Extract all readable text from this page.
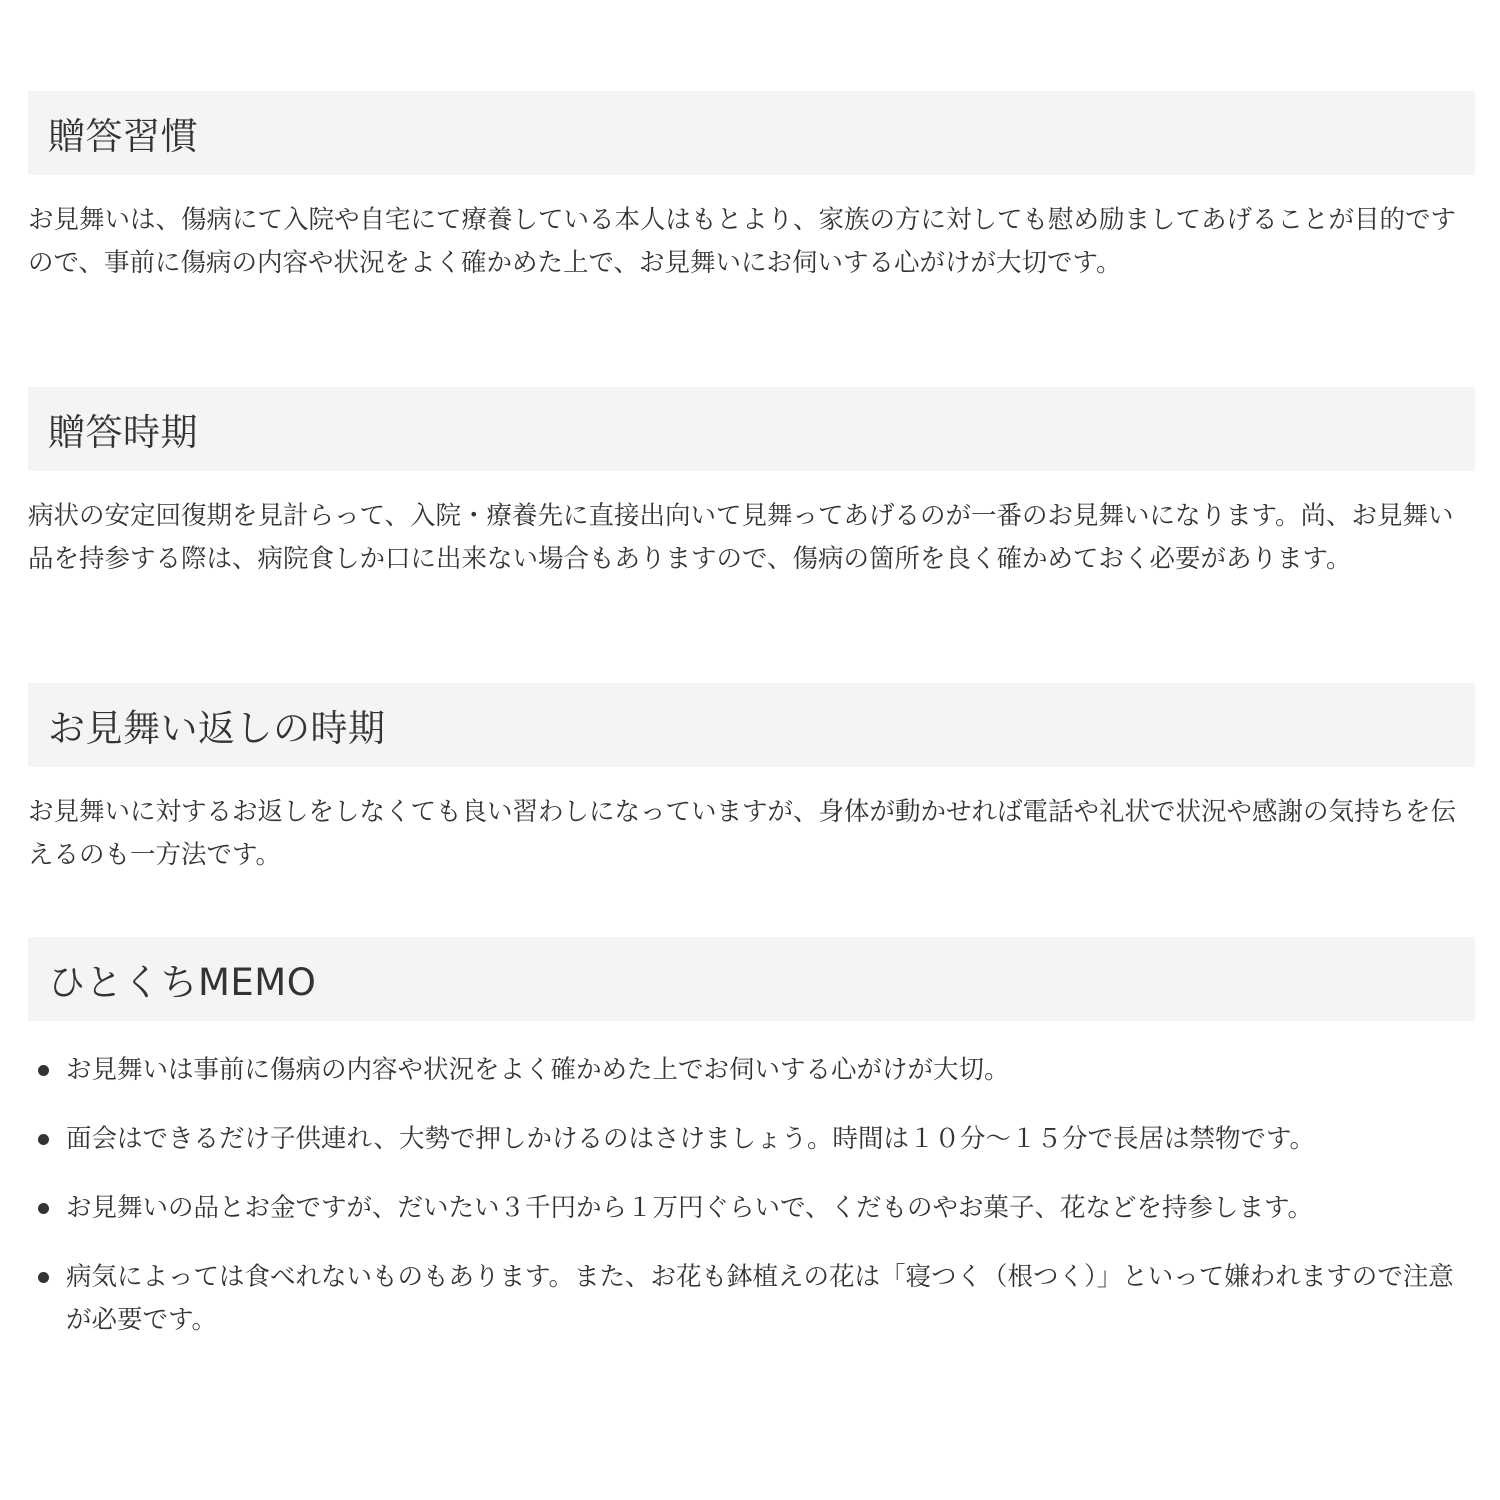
贈答習慣

お見舞いは、傷病にて入院や自宅にて療養している本人はもとより、家族の方に対しても慰め励ましてあげることが目的ですので、事前に傷病の内容や状況をよく確かめた上で、お見舞いにお伺いする心がけが大切です。

贈答時期

病状の安定回復期を見計らって、入院・療養先に直接出向いて見舞ってあげるのが一番のお見舞いになります。尚、お見舞い品を持参する際は、病院食しか口に出来ない場合もありますので、傷病の箇所を良く確かめておく必要があります。

お見舞い返しの時期

お見舞いに対するお返しをしなくても良い習わしになっていますが、身体が動かせれば電話や礼状で状況や感謝の気持ちを伝えるのも一方法です。

ひとくちMEMO
お見舞いは事前に傷病の内容や状況をよく確かめた上でお伺いする心がけが大切。
面会はできるだけ子供連れ、大勢で押しかけるのはさけましょう。時間は１０分〜１５分で長居は禁物です。
お見舞いの品とお金ですが、だいたい３千円から１万円ぐらいで、くだものやお菓子、花などを持参します。
病気によっては食べれないものもあります。また、お花も鉢植えの花は「寝つく（根つく）」といって嫌われますので注意が必要です。
